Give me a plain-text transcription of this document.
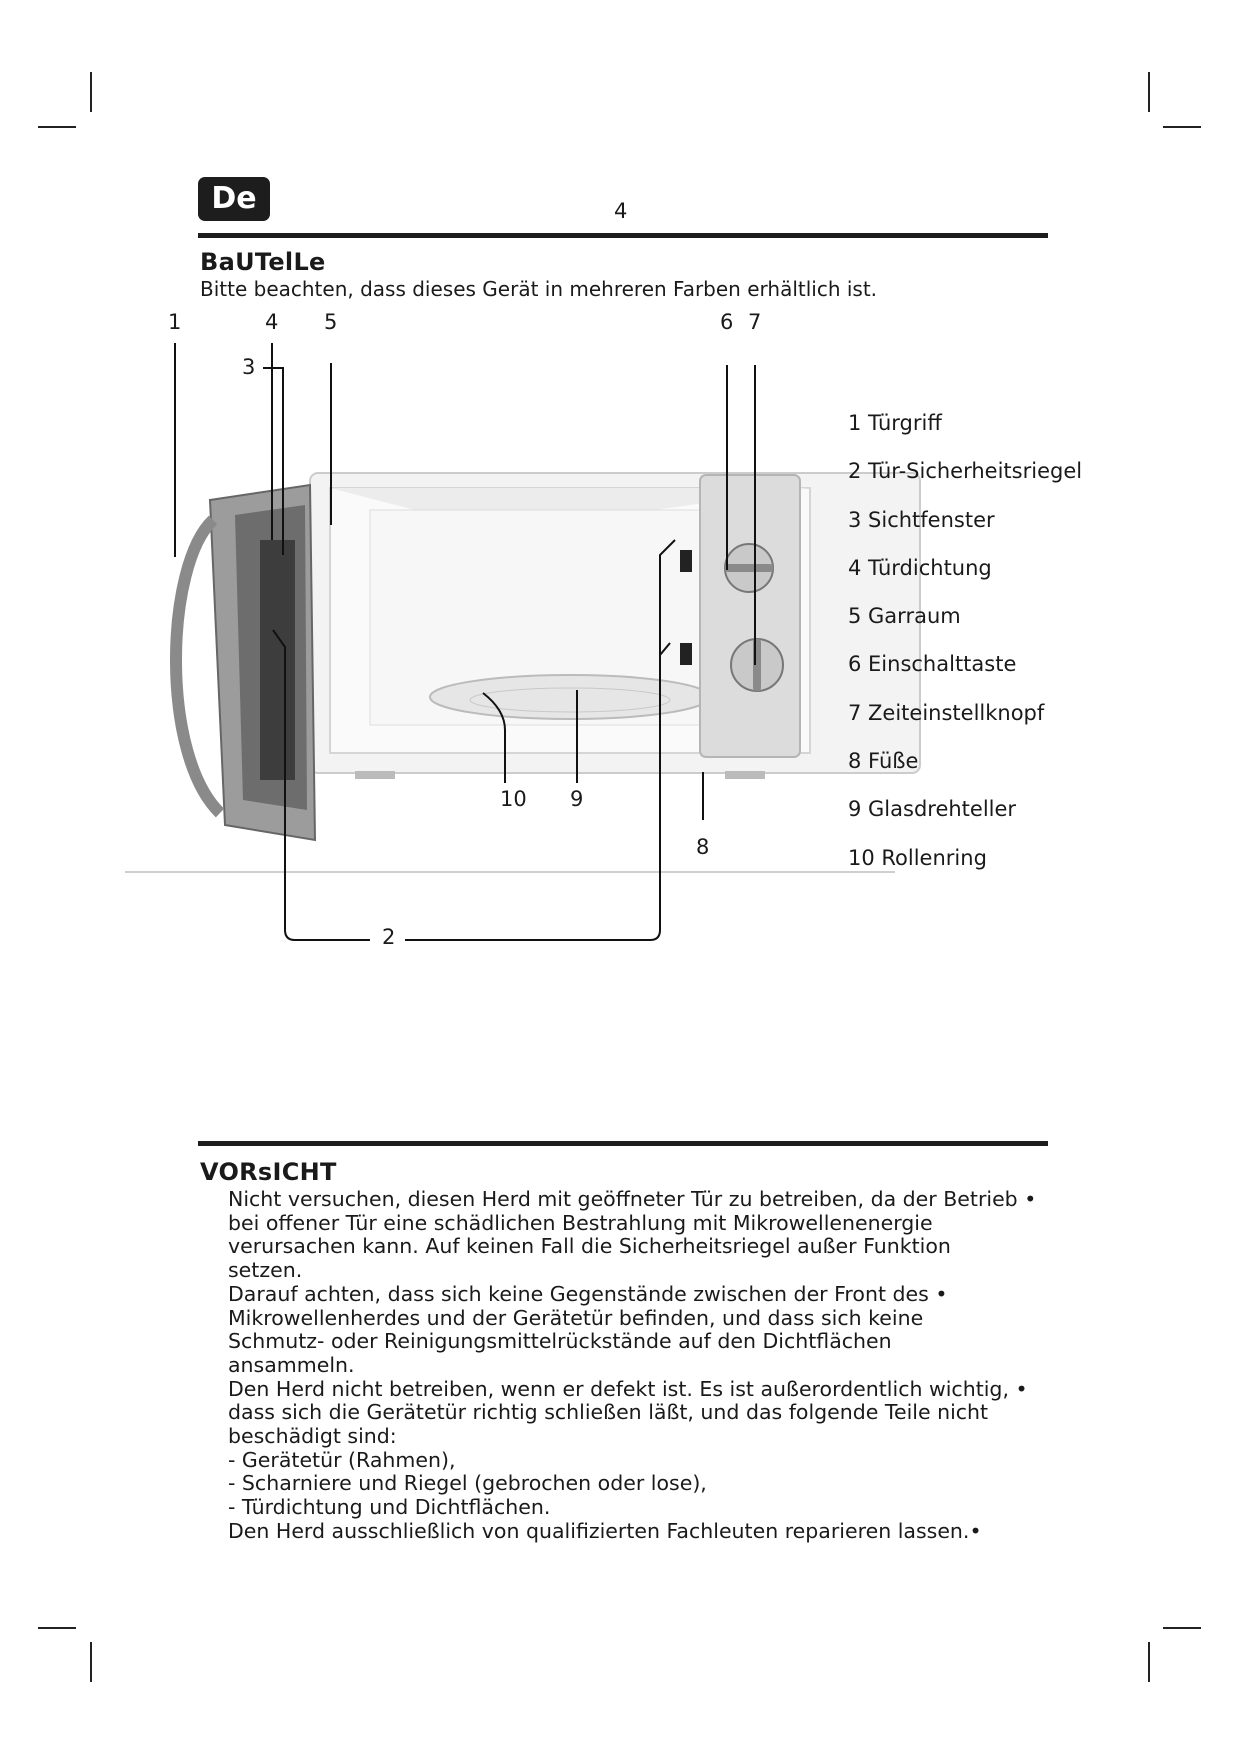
De	4
BaUTelLe
Bitte beachten, dass dieses Gerät in mehreren Farben erhältlich ist.
1	4 5	6 7
3
10 9
8
2
1 Türgriff
2 Tür-Sicherheitsriegel
3 Sichtfenster
4 Türdichtung
5 Garraum
6 Einschalttaste
7 Zeiteinstellknopf
8 Füße
9 Glasdrehteller
10 Rollenring
VORsICHT

Nicht versuchen, diesen Herd mit geöffneter Tür zu betreiben, da der Betrieb •

bei offener Tür eine schädlichen Bestrahlung mit Mikrowellenenergie

verursachen kann. Auf keinen Fall die Sicherheitsriegel außer Funktion

setzen.

Darauf achten, dass sich keine Gegenstände zwischen der Front des •

Mikrowellenherdes und der Gerätetür befinden, und dass sich keine

Schmutz- oder Reinigungsmittelrückstände auf den Dichtflächen

ansammeln.

Den Herd nicht betreiben, wenn er defekt ist. Es ist außerordentlich wichtig, •

dass sich die Gerätetür richtig schließen läßt, und das folgende Teile nicht

beschädigt sind:

- Gerätetür (Rahmen),

- Scharniere und Riegel (gebrochen oder lose),

- Türdichtung und Dichtflächen.

Den Herd ausschließlich von qualifizierten Fachleuten reparieren lassen.•
